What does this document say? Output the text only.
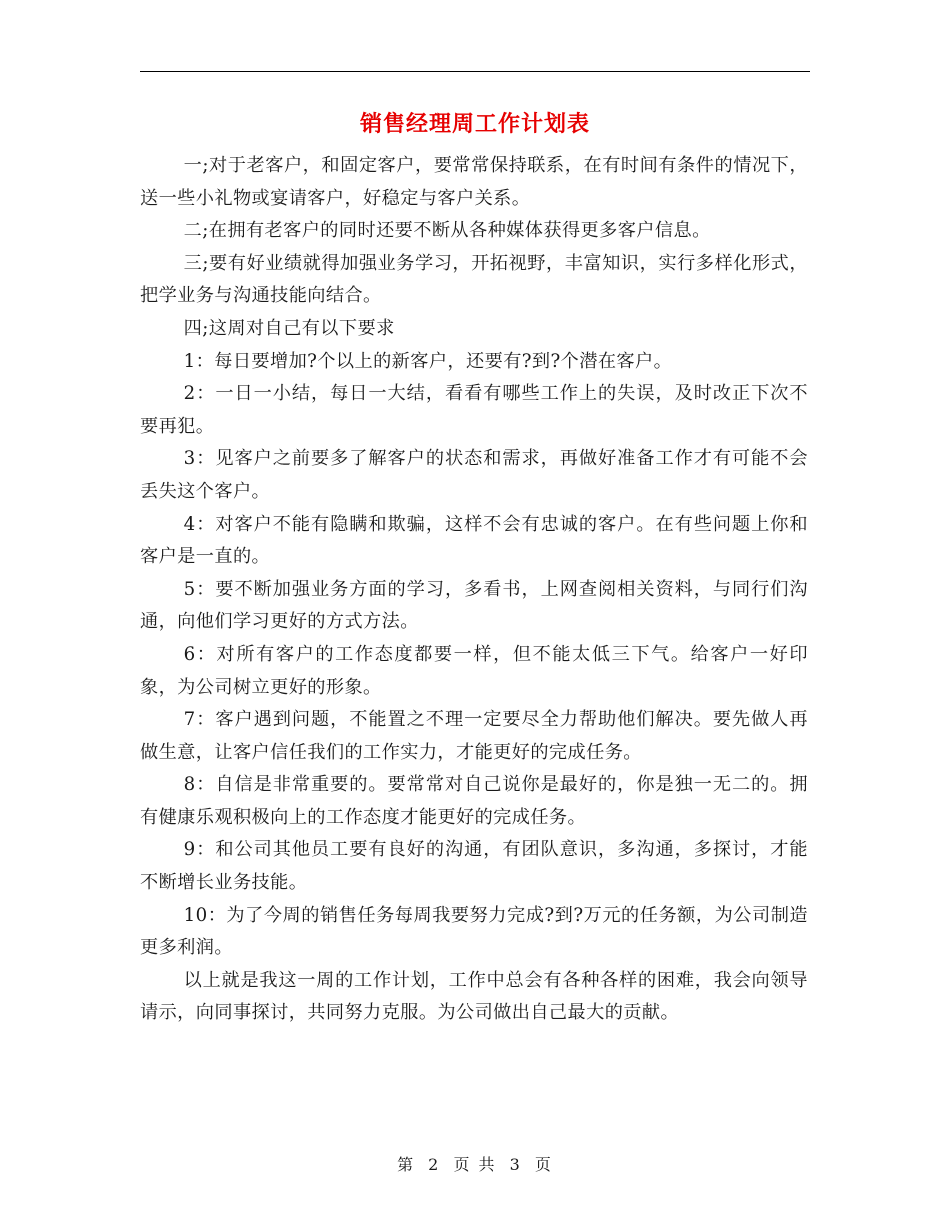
销售经理周工作计划表

一;对于老客户，和固定客户，要常常保持联系，在有时间有条件的情况下，送一些小礼物或宴请客户，好稳定与客户关系。

二;在拥有老客户的同时还要不断从各种媒体获得更多客户信息。

三;要有好业绩就得加强业务学习，开拓视野，丰富知识，实行多样化形式，把学业务与沟通技能向结合。

四;这周对自己有以下要求

1：每日要增加?个以上的新客户，还要有?到?个潜在客户。

2：一日一小结，每日一大结，看看有哪些工作上的失误，及时改正下次不要再犯。

3：见客户之前要多了解客户的状态和需求，再做好准备工作才有可能不会丢失这个客户。

4：对客户不能有隐瞒和欺骗，这样不会有忠诚的客户。在有些问题上你和客户是一直的。

5：要不断加强业务方面的学习，多看书，上网查阅相关资料，与同行们沟通，向他们学习更好的方式方法。

6：对所有客户的工作态度都要一样，但不能太低三下气。给客户一好印象，为公司树立更好的形象。

7：客户遇到问题，不能置之不理一定要尽全力帮助他们解决。要先做人再做生意，让客户信任我们的工作实力，才能更好的完成任务。

8：自信是非常重要的。要常常对自己说你是最好的，你是独一无二的。拥有健康乐观积极向上的工作态度才能更好的完成任务。

9：和公司其他员工要有良好的沟通，有团队意识，多沟通，多探讨，才能不断增长业务技能。

10：为了今周的销售任务每周我要努力完成?到?万元的任务额，为公司制造更多利润。

以上就是我这一周的工作计划，工作中总会有各种各样的困难，我会向领导请示，向同事探讨，共同努力克服。为公司做出自己最大的贡献。

第 2 页 共 3 页
